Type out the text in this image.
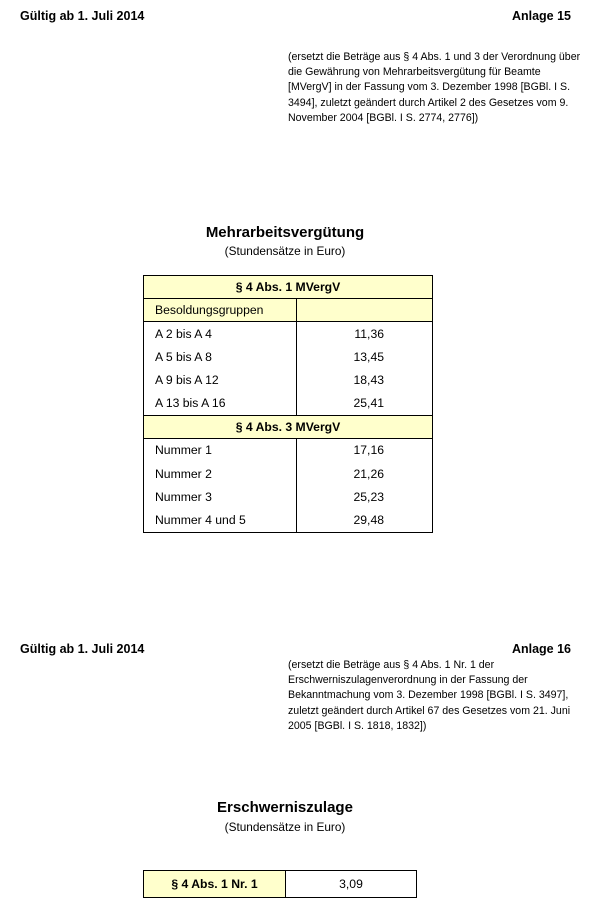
Gültig ab 1. Juli 2014	Anlage 15
(ersetzt die Beträge aus § 4 Abs. 1 und 3 der Verordnung über die Gewährung von Mehrarbeitsvergütung für Beamte [MVergV] in der Fassung vom 3. Dezember 1998 [BGBl. I S. 3494], zuletzt geändert durch Artikel 2 des Gesetzes vom 9. November 2004 [BGBl. I S. 2774, 2776])
Mehrarbeitsvergütung
(Stundensätze in Euro)
§ 4 Abs. 1 MVergV	
Besoldungsgruppen	
A 2 bis A 4	11,36
A 5 bis A 8	13,45
A 9 bis A 12	18,43
A 13 bis A 16	25,41
§ 4 Abs. 3 MVergV	
Nummer 1	17,16
Nummer 2	21,26
Nummer 3	25,23
Nummer 4 und 5	29,48
Gültig ab 1. Juli 2014	Anlage 16
(ersetzt die Beträge aus § 4 Abs. 1 Nr. 1 der Erschwerniszulagenverordnung in der Fassung der Bekanntmachung vom 3. Dezember 1998 [BGBl. I S. 3497], zuletzt geändert durch Artikel 67 des Gesetzes vom 21. Juni 2005 [BGBl. I S. 1818, 1832])
Erschwerniszulage
(Stundensätze in Euro)
§ 4 Abs. 1 Nr. 1	3,09
